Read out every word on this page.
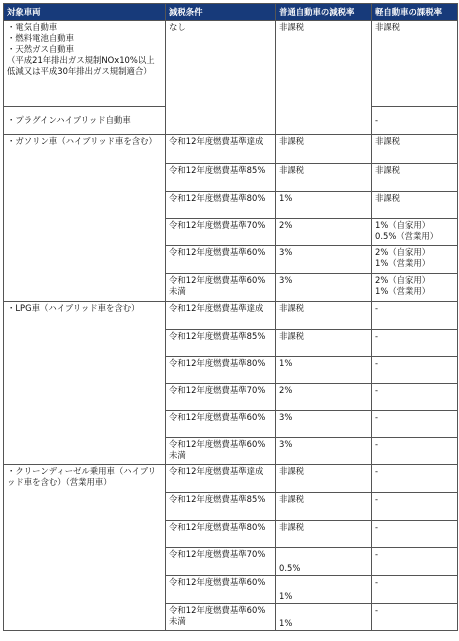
対象車両	減税条件	普通自動車の減税率	軽自動車の課税率
・電気自動車
・燃料電池自動車
・天然ガス自動車
（平成21年排出ガス規制NOx10%以上低減又は平成30年排出ガス規制適合）	なし	非課税	非課税
・プラグインハイブリッド自動車			-
・ガソリン車（ハイブリッド車を含む）	令和12年度燃費基準達成	非課税	非課税
	令和12年度燃費基準85%	非課税	非課税
	令和12年度燃費基準80%	1%	非課税
	令和12年度燃費基準70%	2%	1%（自家用）
0.5%（営業用）
	令和12年度燃費基準60%	3%	2%（自家用）
1%（営業用）
	令和12年度燃費基準60%未満	3%	2%（自家用）
1%（営業用）
・LPG車（ハイブリッド車を含む）	令和12年度燃費基準達成	非課税	-
	令和12年度燃費基準85%	非課税	-
	令和12年度燃費基準80%	1%	-
	令和12年度燃費基準70%	2%	-
	令和12年度燃費基準60%	3%	-
	令和12年度燃費基準60%未満	3%	-
・クリーンディーゼル乗用車（ハイブリッド車を含む）（営業用車）	令和12年度燃費基準達成	非課税	-
	令和12年度燃費基準85%	非課税	-
	令和12年度燃費基準80%	非課税	-
	令和12年度燃費基準70%	0.5%	-
	令和12年度燃費基準60%	1%	-
	令和12年度燃費基準60%未満	1%	-
